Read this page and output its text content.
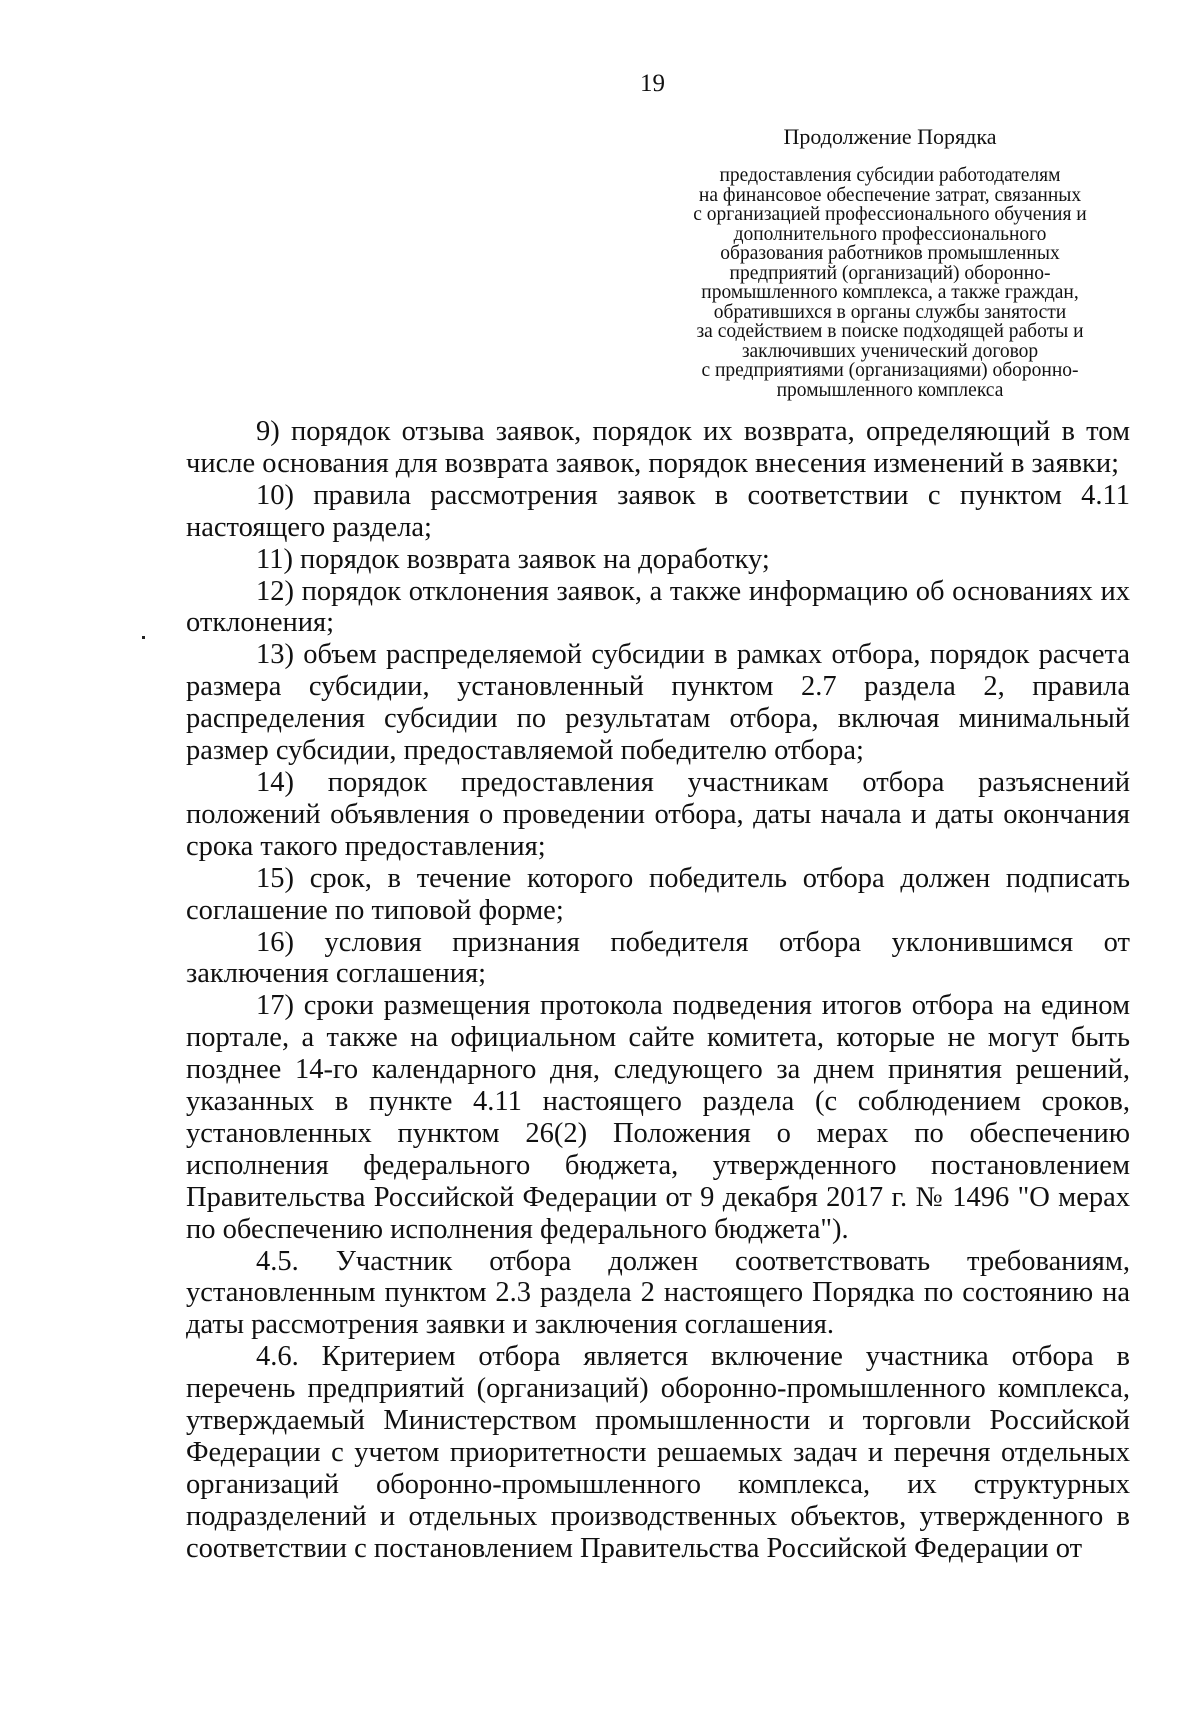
19
Продолжение Порядка
предоставления субсидии работодателям
на финансовое обеспечение затрат, связанных
с организацией профессионального обучения и
дополнительного профессионального
образования работников промышленных
предприятий (организаций) оборонно-
промышленного комплекса, а также граждан,
обратившихся в органы службы занятости
за содействием в поиске подходящей работы и
заключивших ученический договор
с предприятиями (организациями) оборонно-
промышленного комплекса

9) порядок отзыва заявок, порядок их возврата, определяющий в том числе основания для возврата заявок, порядок внесения изменений в заявки;

10) правила рассмотрения заявок в соответствии с пунктом 4.11 настоящего раздела;

11) порядок возврата заявок на доработку;

12) порядок отклонения заявок, а также информацию об основаниях их отклонения;

13) объем распределяемой субсидии в рамках отбора, порядок расчета размера субсидии, установленный пунктом 2.7 раздела 2, правила распределения субсидии по результатам отбора, включая минимальный размер субсидии, предоставляемой победителю отбора;

14) порядок предоставления участникам отбора разъяснений положений объявления о проведении отбора, даты начала и даты окончания срока такого предоставления;

15) срок, в течение которого победитель отбора должен подписать соглашение по типовой форме;

16) условия признания победителя отбора уклонившимся от заключения соглашения;

17) сроки размещения протокола подведения итогов отбора на едином портале, а также на официальном сайте комитета, которые не могут быть позднее 14-го календарного дня, следующего за днем принятия решений, указанных в пункте 4.11 настоящего раздела (с соблюдением сроков, установленных пунктом 26(2) Положения о мерах по обеспечению исполнения федерального бюджета, утвержденного постановлением Правительства Российской Федерации от 9 декабря 2017 г. № 1496 "О мерах по обеспечению исполнения федерального бюджета").

4.5. Участник отбора должен соответствовать требованиям, установленным пунктом 2.3 раздела 2 настоящего Порядка по состоянию на даты рассмотрения заявки и заключения соглашения.

4.6. Критерием отбора является включение участника отбора в перечень предприятий (организаций) оборонно-промышленного комплекса, утверждаемый Министерством промышленности и торговли Российской Федерации с учетом приоритетности решаемых задач и перечня отдельных организаций оборонно-промышленного комплекса, их структурных подразделений и отдельных производственных объектов, утвержденного в соответствии с постановлением Правительства Российской Федерации от
